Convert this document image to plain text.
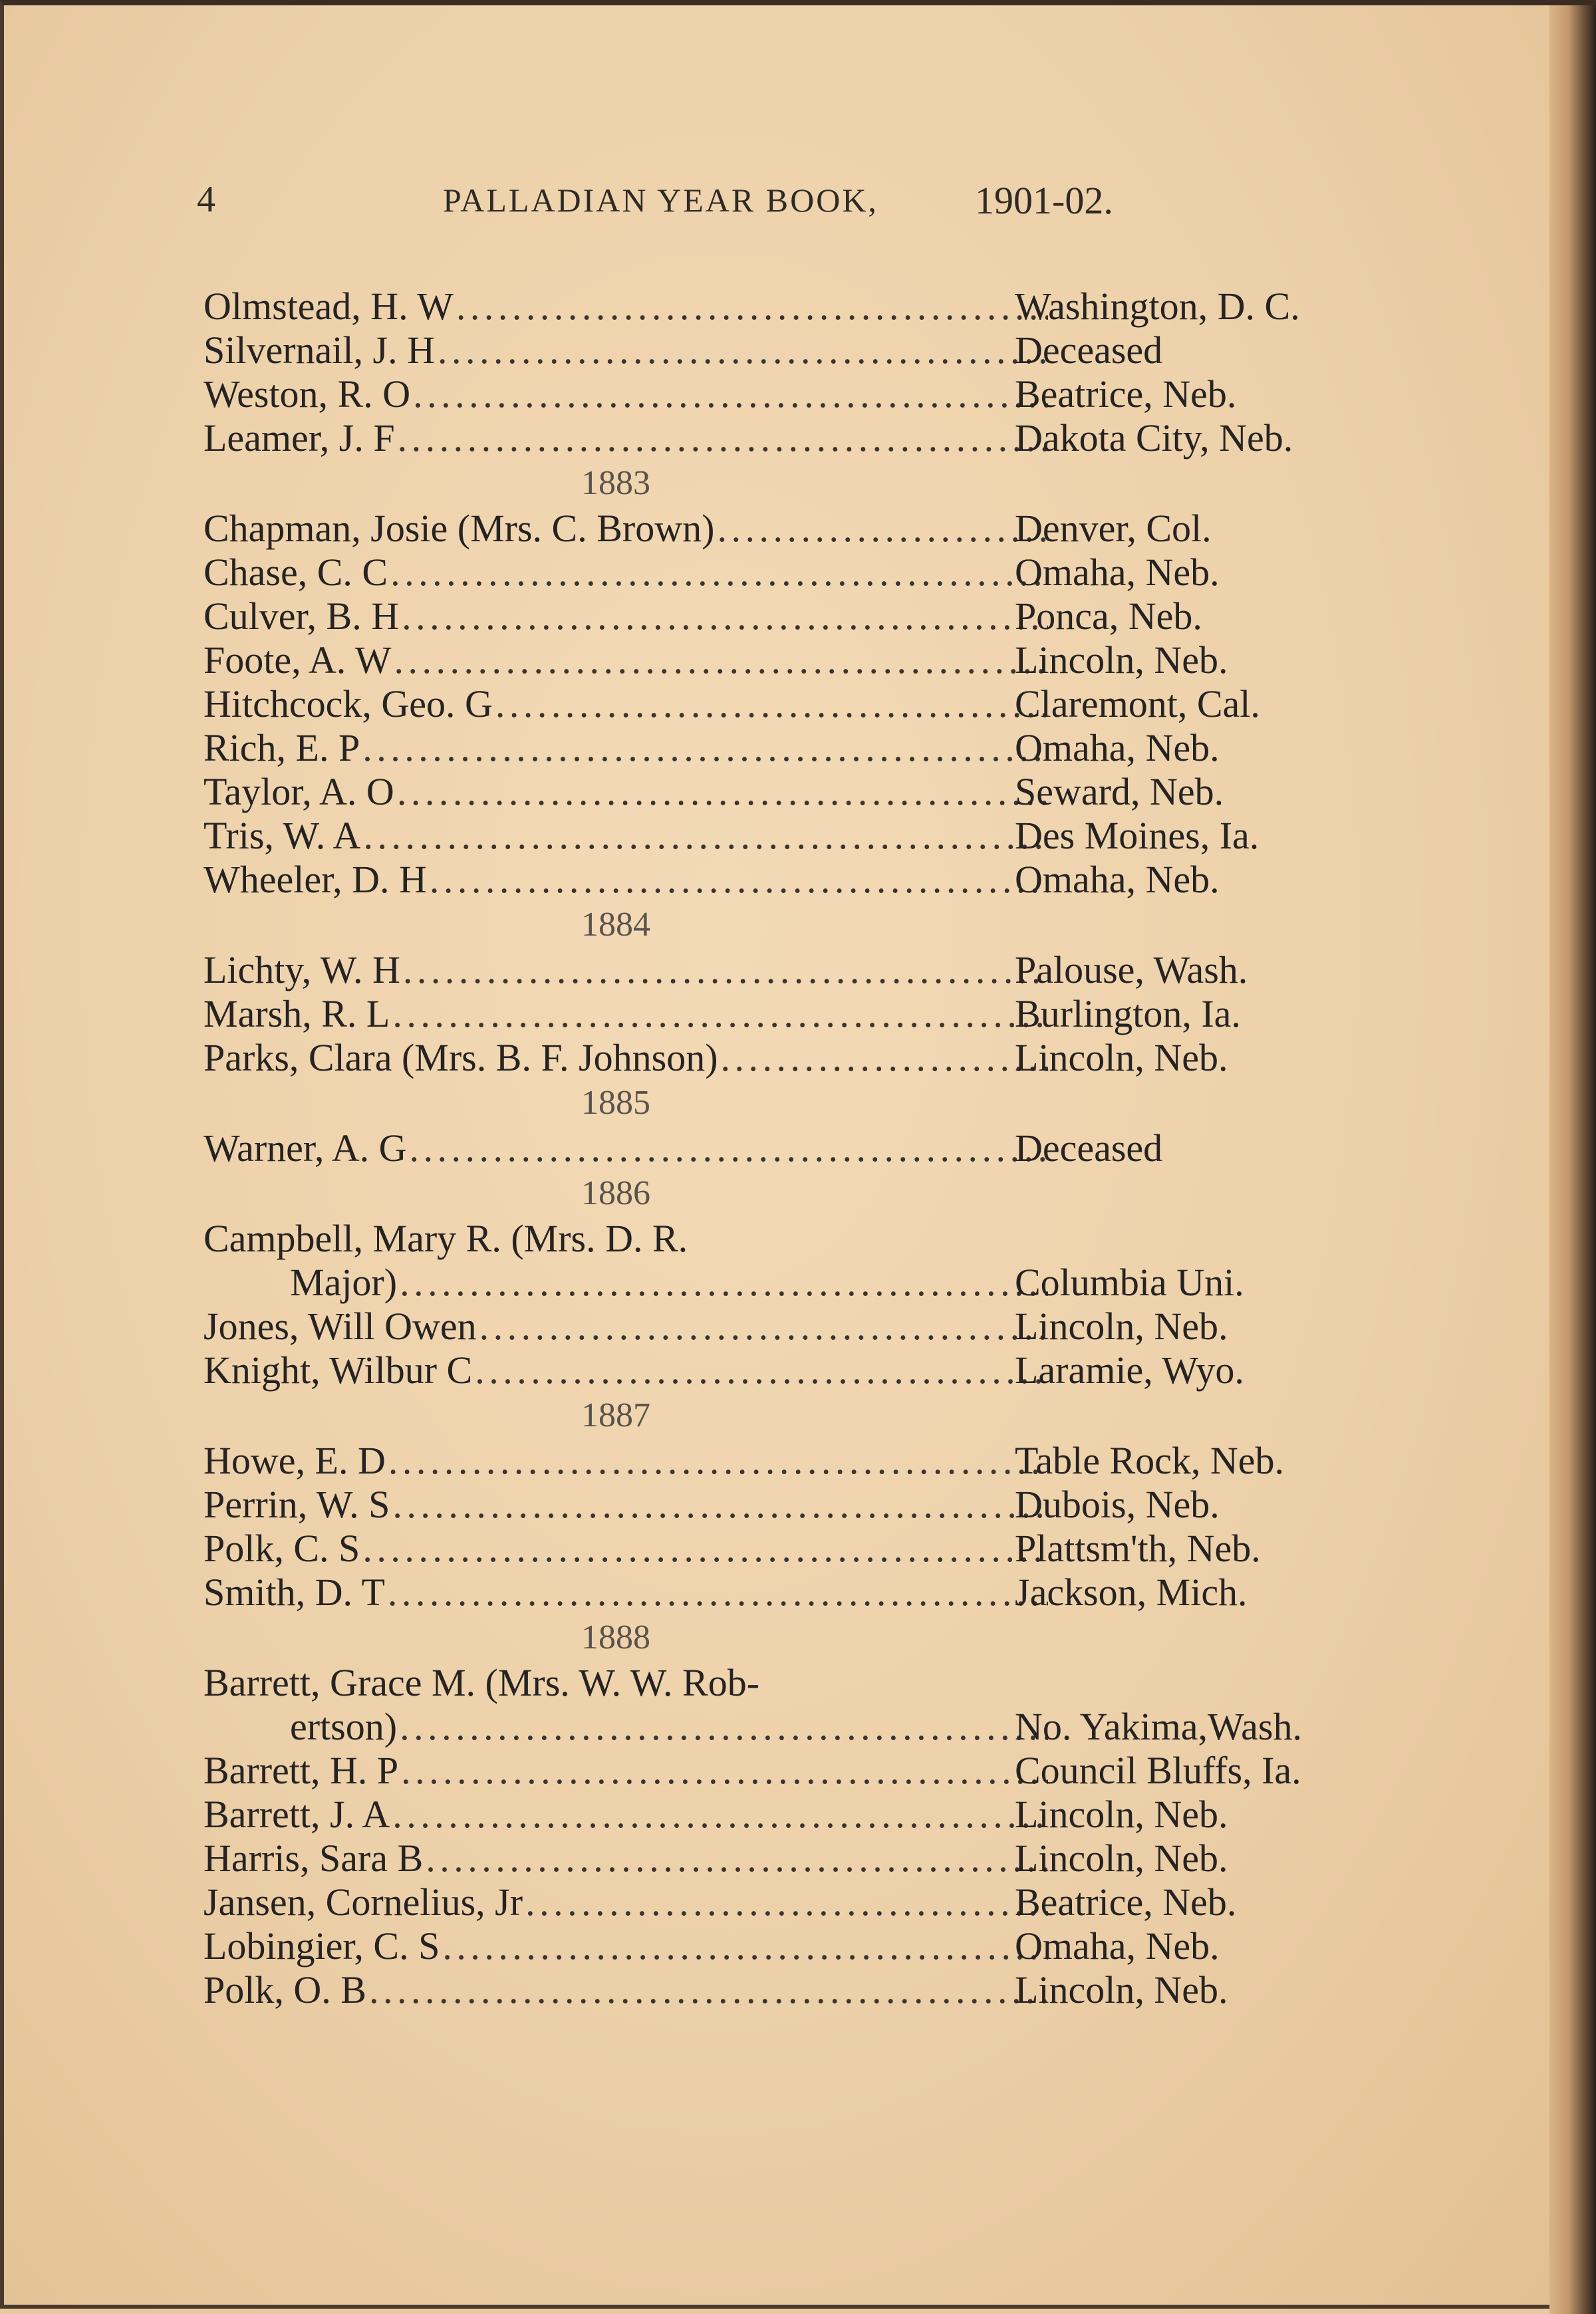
4	PALLADIAN YEAR BOOK,	1901-02.
. . .
Olmstead, H. W	Washington, D. C.
. . .
Silvernail, J. H	Deceased
. . .
Weston, R. O	Beatrice, Neb.
. . .
Leamer, J. F	Dakota City, Neb.
1883
. . .
Chapman, Josie (Mrs. C. Brown)	Denver, Col.
. . .
Chase, C. C	Omaha, Neb.
. . .
Culver, B. H	Ponca, Neb.
. . .
Foote, A. W	Lincoln, Neb.
. . .
Hitchcock, Geo. G	Claremont, Cal.
. . .
Rich, E. P	Omaha, Neb.
. . .
Taylor, A. O	Seward, Neb.
. . .
Tris, W. A	Des Moines, Ia.
. . .
Wheeler, D. H	Omaha, Neb.
1884
. . .
Lichty, W. H	Palouse, Wash.
. . .
Marsh, R. L	Burlington, Ia.
. . .
Parks, Clara (Mrs. B. F. Johnson)	Lincoln, Neb.
1885
. . .
Warner, A. G	Deceased
1886
Campbell, Mary R. (Mrs. D. R.
. . .
Major)	Columbia Uni.
. . .
Jones, Will Owen	Lincoln, Neb.
. . .
Knight, Wilbur C	Laramie, Wyo.
1887
. . .
Howe, E. D	Table Rock, Neb.
. . .
Perrin, W. S	Dubois, Neb.
. . .
Polk, C. S	Plattsm'th, Neb.
. . .
Smith, D. T	Jackson, Mich.
1888
Barrett, Grace M. (Mrs. W. W. Rob-
. . .
ertson)	No. Yakima,Wash.
. . .
Barrett, H. P	Council Bluffs, Ia.
. . .
Barrett, J. A	Lincoln, Neb.
. . .
Harris, Sara B	Lincoln, Neb.
. . .
Jansen, Cornelius, Jr	Beatrice, Neb.
. . .
Lobingier, C. S	Omaha, Neb.
. . .
Polk, O. B	Lincoln, Neb.
